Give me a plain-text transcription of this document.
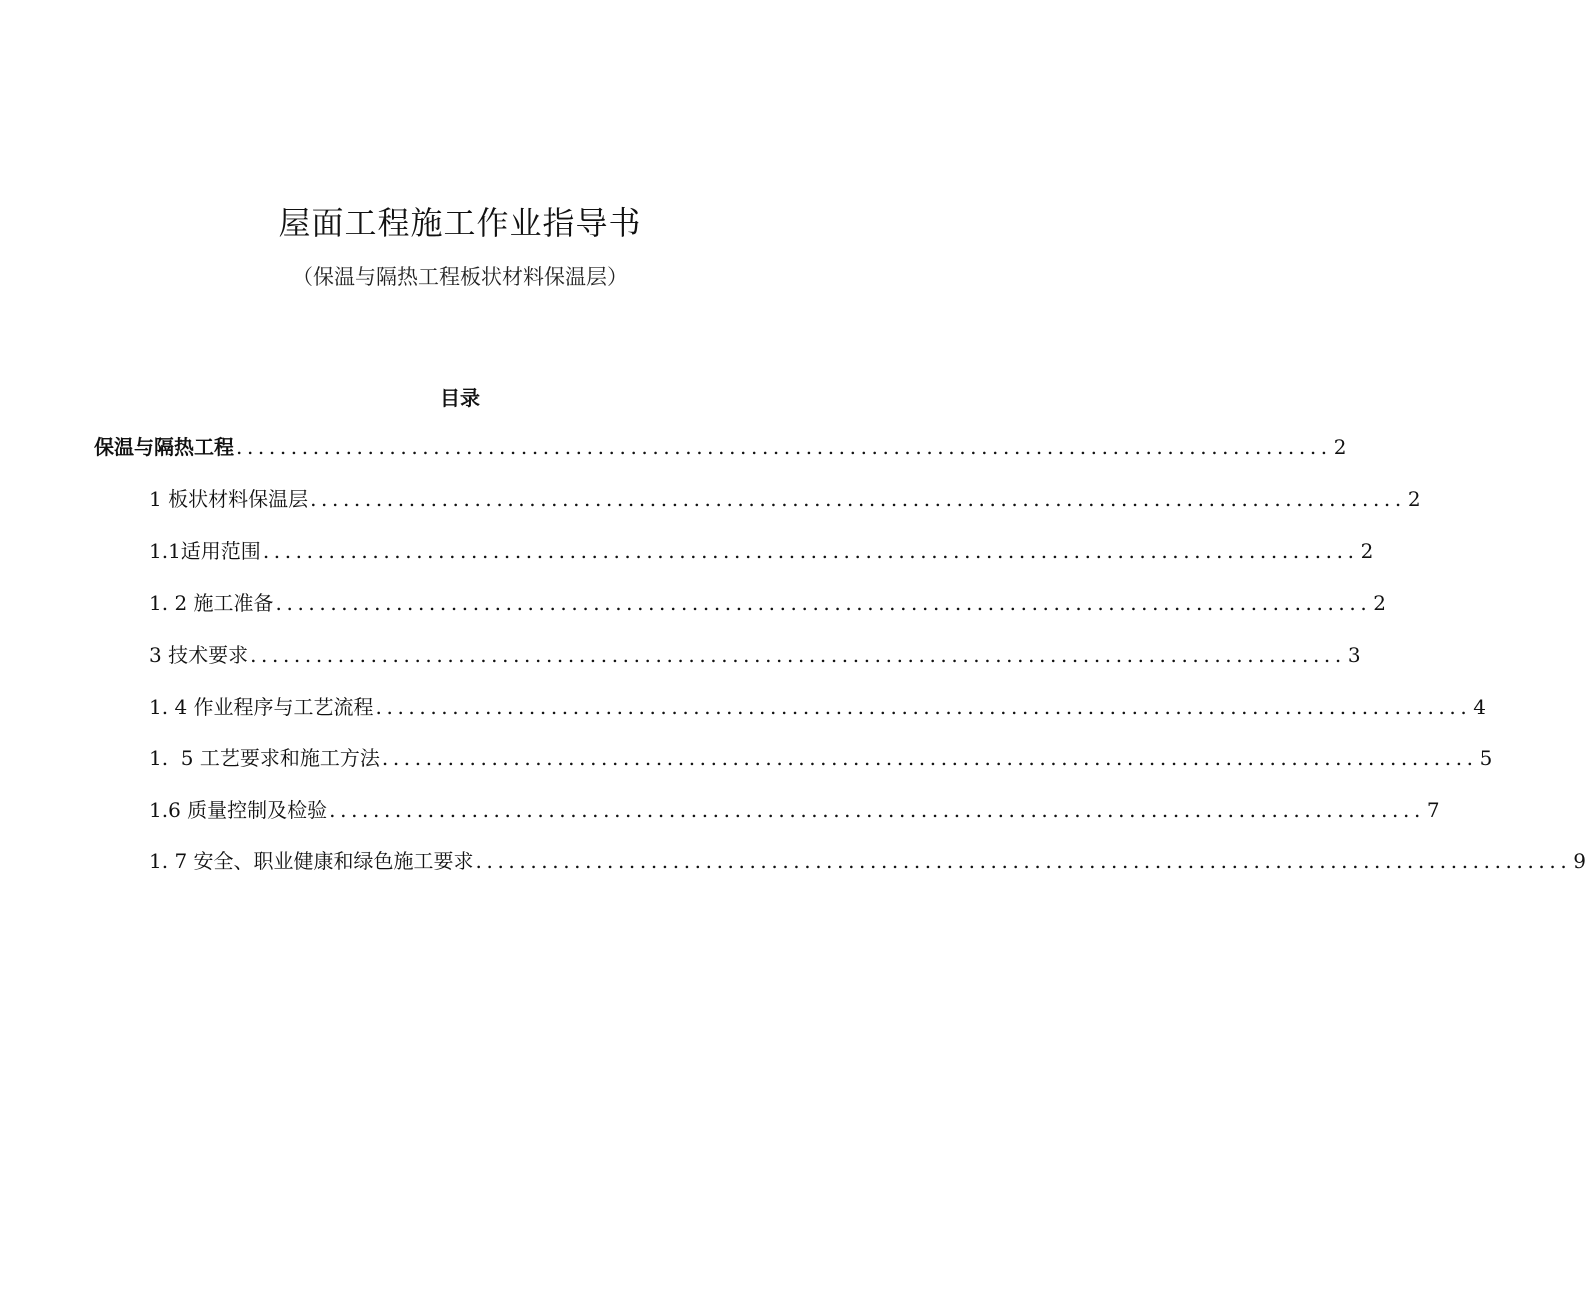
屋面工程施工作业指导书
（保温与隔热工程板状材料保温层）
目录
保温与隔热工程 .................................................................................................... 2
1 板状材料保温层 .................................................................................................... 2
1.1适用范围 .................................................................................................... 2
1. 2 施工准备 .................................................................................................... 2
3 技术要求 .................................................................................................... 3
1. 4 作业程序与工艺流程 .................................................................................................... 4
1.  5 工艺要求和施工方法 .................................................................................................... 5
1.6 质量控制及检验 .................................................................................................... 7
1. 7 安全、职业健康和绿色施工要求 .................................................................................................... 9
